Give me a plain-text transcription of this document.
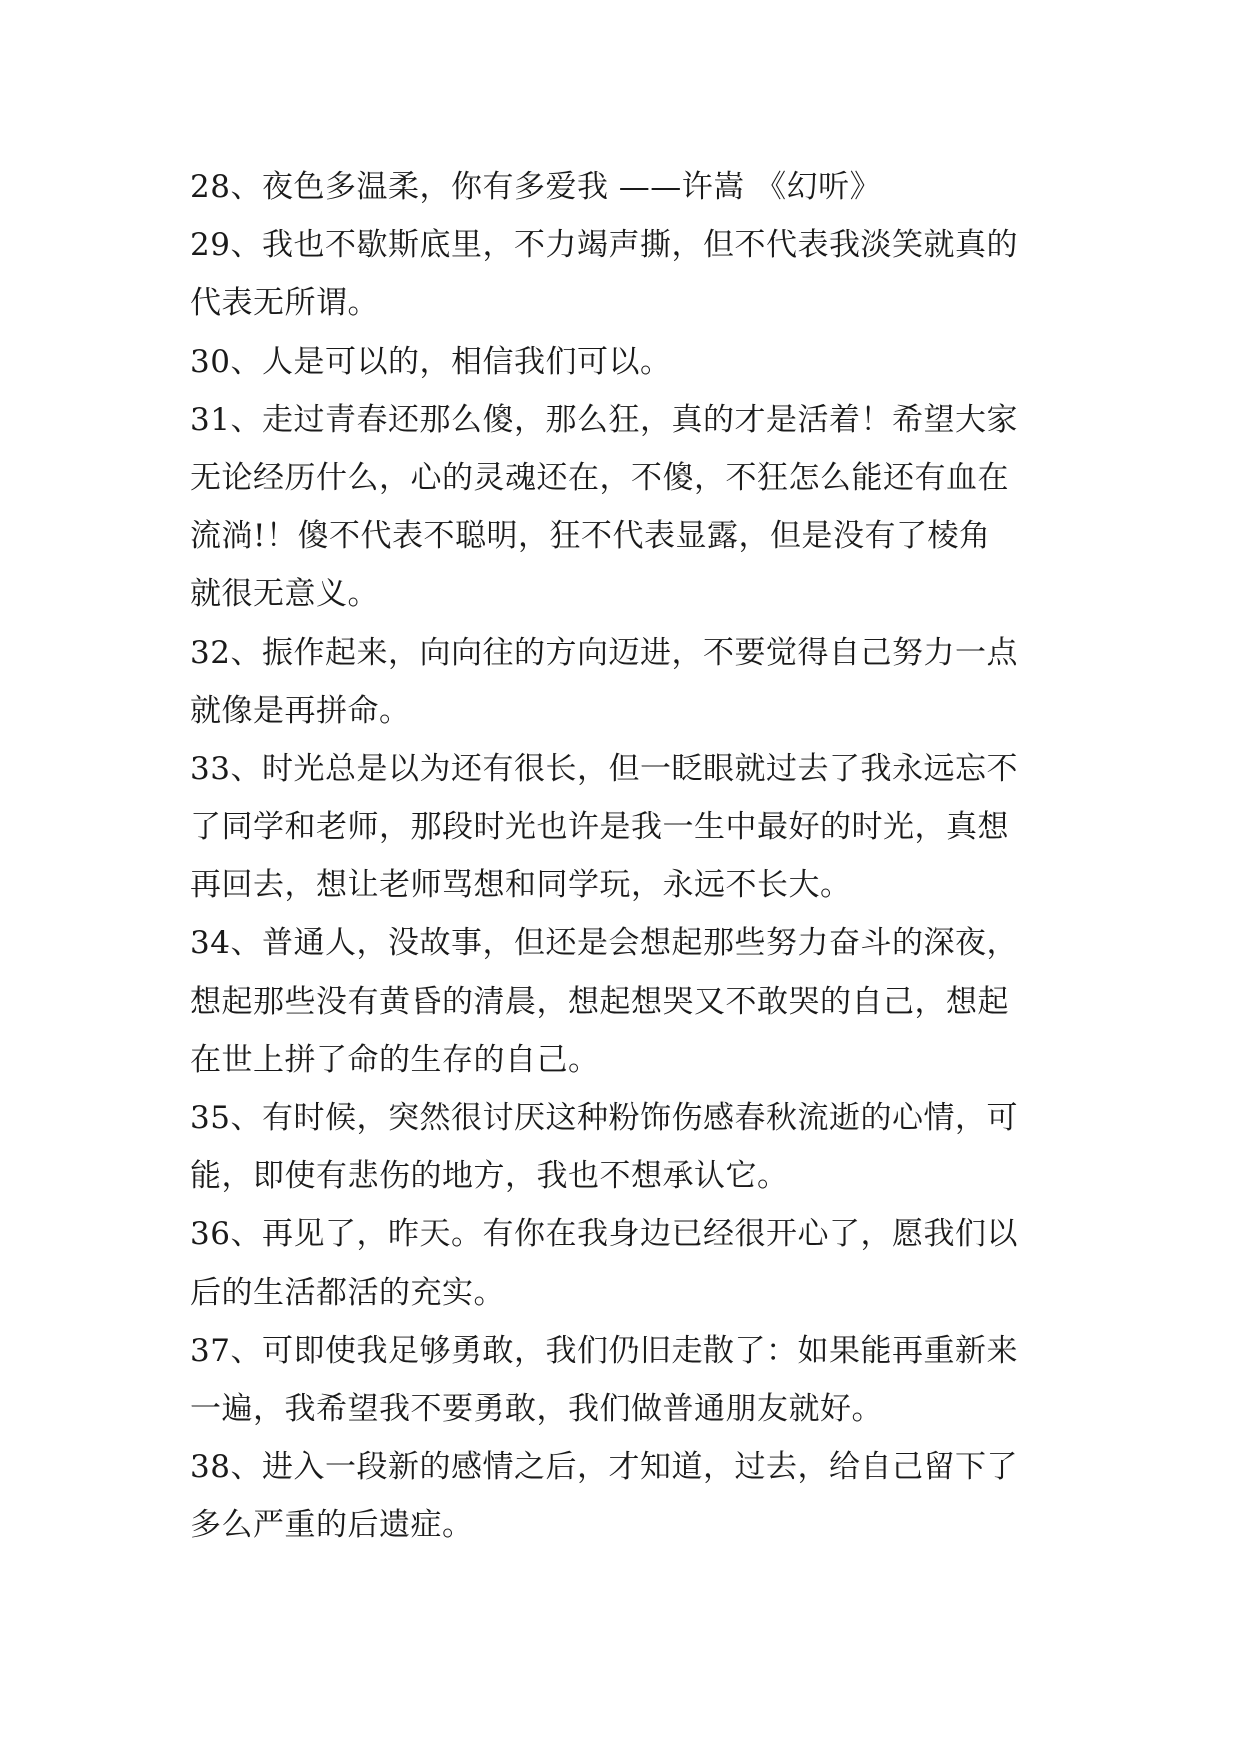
28、夜色多温柔，你有多爱我 ——许嵩 《幻听》
29、我也不歇斯底里，不力竭声撕，但不代表我淡笑就真的
代表无所谓。
30、人是可以的，相信我们可以。
31、走过青春还那么傻，那么狂，真的才是活着！希望大家
无论经历什么，心的灵魂还在，不傻，不狂怎么能还有血在
流淌!！傻不代表不聪明，狂不代表显露，但是没有了棱角
就很无意义。
32、振作起来，向向往的方向迈进，不要觉得自己努力一点
就像是再拼命。
33、时光总是以为还有很长，但一眨眼就过去了我永远忘不
了同学和老师，那段时光也许是我一生中最好的时光，真想
再回去，想让老师骂想和同学玩，永远不长大。
34、普通人，没故事，但还是会想起那些努力奋斗的深夜，
想起那些没有黄昏的清晨，想起想哭又不敢哭的自己，想起
在世上拼了命的生存的自己。
35、有时候，突然很讨厌这种粉饰伤感春秋流逝的心情，可
能，即使有悲伤的地方，我也不想承认它。
36、再见了，昨天。有你在我身边已经很开心了，愿我们以
后的生活都活的充实。
37、可即使我足够勇敢，我们仍旧走散了：如果能再重新来
一遍，我希望我不要勇敢，我们做普通朋友就好。
38、进入一段新的感情之后，才知道，过去，给自己留下了
多么严重的后遗症。
